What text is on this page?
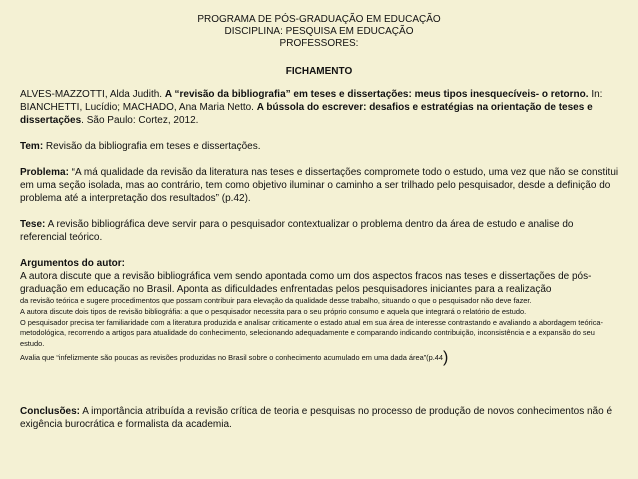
PROGRAMA DE PÓS-GRADUAÇÃO EM EDUCAÇÃO

DISCIPLINA: PESQUISA EM EDUCAÇÃO

PROFESSORES:

FICHAMENTO

ALVES-MAZZOTTI, Alda Judith. A “revisão da bibliografia” em teses e dissertações: meus tipos inesquecíveis- o retorno. In: BIANCHETTI, Lucídio; MACHADO, Ana Maria Netto. A bússola do escrever: desafios e estratégias na orientação de teses e dissertações. São Paulo: Cortez, 2012.

Tem: Revisão da bibliografia em teses e dissertações.

Problema: “A má qualidade da revisão da literatura nas teses e dissertações compromete todo o estudo, uma vez que não se constitui em uma seção isolada, mas ao contrário, tem como objetivo iluminar o caminho a ser trilhado pelo pesquisador, desde a definição do problema até a interpretação dos resultados” (p.42).

Tese: A revisão bibliográfica deve servir para o pesquisador contextualizar o problema dentro da área de estudo e analise do referencial teórico.

Argumentos do autor:

A autora discute que a revisão bibliográfica vem sendo apontada como um dos aspectos fracos nas teses e dissertações de pós-graduação em educação no Brasil. Aponta as dificuldades enfrentadas pelos pesquisadores iniciantes para a realização

da revisão teórica e sugere procedimentos que possam contribuir para elevação da qualidade desse trabalho, situando o que o pesquisador não deve fazer.

A autora discute dois tipos de revisão bibliográfia: a que o pesquisador necessita para o seu próprio consumo e aquela que integrará o relatório de estudo.

O pesquisador precisa ter familiaridade com a literatura produzida e analisar criticamente o estado atual em sua área de interesse contrastando e avaliando a abordagem teórica-metodológica, recorrendo a artigos para atualidade do conhecimento, selecionando adequadamente e comparando indicando contribuição, inconsistência e a expansão do seu estudo.

Avalia que “infelizmente são poucas as revisões produzidas no Brasil sobre o conhecimento acumulado em uma dada área”(p.44)

Conclusões: A importância atribuída a revisão crítica de teoria e pesquisas no processo de produção de novos conhecimentos não é exigência burocrática e formalista da academia.
